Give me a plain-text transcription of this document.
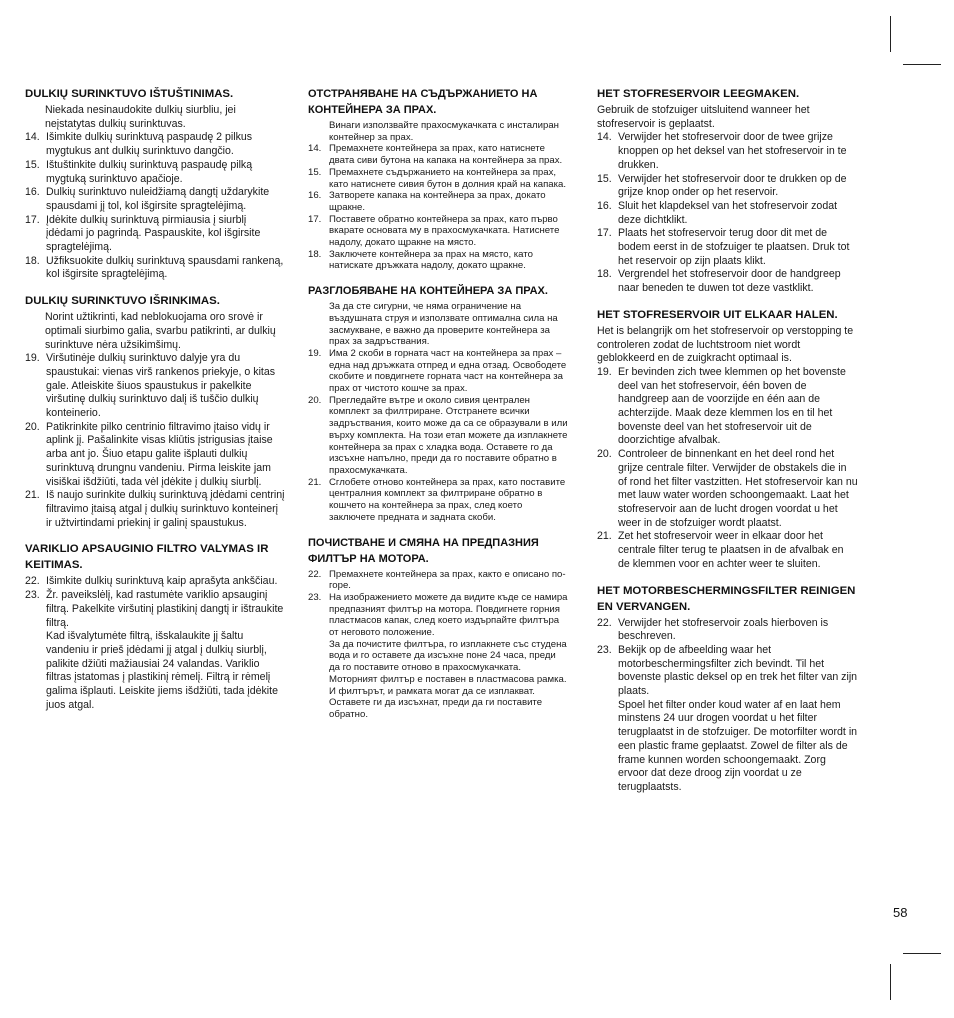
DULKIŲ SURINKTUVO IŠTUŠTINIMAS.

Niekada nesinaudokite dulkių siurbliu, jei neįstatytas dulkių surinktuvas.

14. Išimkite dulkių surinktuvą paspaudę 2 pilkus mygtukus ant dulkių surinktuvo dangčio.

15. Ištuštinkite dulkių surinktuvą paspaudę pilką mygtuką surinktuvo apačioje.

16. Dulkių surinktuvo nuleidžiamą dangtį uždarykite spausdami jį tol, kol išgirsite spragtelėjimą.

17. Įdėkite dulkių surinktuvą pirmiausia į siurblį įdėdami jo pagrindą. Paspauskite, kol išgirsite spragtelėjimą.

18. Užfiksuokite dulkių surinktuvą spausdami rankeną, kol išgirsite spragtelėjimą.

DULKIŲ SURINKTUVO IŠRINKIMAS.

Norint užtikrinti, kad neblokuojama oro srovė ir optimali siurbimo galia, svarbu patikrinti, ar dulkių surinktuve nėra užsikimšimų.

19. Viršutinėje dulkių surinktuvo dalyje yra du spaustukai: vienas virš rankenos priekyje, o kitas gale. Atleiskite šiuos spaustukus ir pakelkite viršutinę dulkių surinktuvo dalį iš tuščio dulkių konteinerio.

20. Patikrinkite pilko centrinio filtravimo įtaiso vidų ir aplink jį. Pašalinkite visas kliūtis įstrigusias įtaise arba ant jo. Šiuo etapu galite išplauti dulkių surinktuvą drungnu vandeniu. Pirma leiskite jam visiškai išdžiūti, tada vėl įdėkite į dulkių siurblį.

21. Iš naujo surinkite dulkių surinktuvą įdėdami centrinį filtravimo įtaisą atgal į dulkių surinktuvo konteinerį ir užtvirtindami priekinį ir galinį spaustukus.

VARIKLIO APSAUGINIO FILTRO VALYMAS IR KEITIMAS.
22. Išimkite dulkių surinktuvą kaip aprašyta ankščiau.

23. Žr. paveikslėlį, kad rastumėte variklio apsauginį filtrą. Pakelkite viršutinį plastikinį dangtį ir ištraukite filtrą.

Kad išvalytumėte filtrą, išskalaukite jį šaltu vandeniu ir prieš įdėdami jį atgal į dulkių siurblį, palikite džiūti mažiausiai 24 valandas. Variklio filtras įstatomas į plastikinį rėmelį. Filtrą ir rėmelį galima išplauti. Leiskite jiems išdžiūti, tada įdėkite juos atgal.

ОТСТРАНЯВАНЕ НА СЪДЪРЖАНИЕТО НА КОНТЕЙНЕРА ЗА ПРАХ.

Винаги използвайте прахосмукачката с инсталиран контейнер за прах.

14. Премахнете контейнера за прах, като натиснете двата сиви бутона на капака на контейнера за прах.

15. Премахнете съдържанието на контейнера за прах, като натиснете сивия бутон в долния край на капака.

16. Затворете капака на контейнера за прах, докато щракне.

17. Поставете обратно контейнера за прах, като първо вкарате основата му в прахосмукачката. Натиснете надолу, докато щракне на място.

18. Заключете контейнера за прах на място, като натискате дръжката надолу, докато щракне.

РАЗГЛОБЯВАНЕ НА КОНТЕЙНЕРА ЗА ПРАХ.

За да сте сигурни, че няма ограничение на въздушната струя и използвате оптимална сила на засмукване, е важно да проверите контейнера за прах за задръствания.

19. Има 2 скоби в горната част на контейнера за прах – една над дръжката отпред и една отзад. Освободете скобите и повдигнете горната част на контейнера за прах от чистото кошче за прах.

20. Прегледайте вътре и около сивия централен комплект за филтриране. Отстранете всички задръствания, които може да са се образували в или върху комплекта. На този етап можете да изплакнете контейнера за прах с хладка вода. Оставете го да изсъхне напълно, преди да го поставите обратно в прахосмукачката.

21. Сглобете отново контейнера за прах, като поставите централния комплект за филтриране обратно в кошчето на контейнера за прах, след което заключете предната и задната скоби.

ПОЧИСТВАНЕ И СМЯНА НА ПРЕДПАЗНИЯ ФИЛТЪР НА МОТОРА.
22. Премахнете контейнера за прах, както е описано по-горе.

23. На изображението можете да видите къде се намира предпазният филтър на мотора. Повдигнете горния пластмасов капак, след което издърпайте филтъра от неговото положение.

За да почистите филтъра, го изплакнете със студена вода и го оставете да изсъхне поне 24 часа, преди да го поставите отново в прахосмукачката.

Моторният филтър е поставен в пластмасова рамка. И филтърът, и рамката могат да се изплакват. Оставете ги да изсъхнат, преди да ги поставите обратно.

HET STOFRESERVOIR LEEGMAKEN.

Gebruik de stofzuiger uitsluitend wanneer het stofreservoir is geplaatst.

14. Verwijder het stofreservoir door de twee grijze knoppen op het deksel van het stofreservoir in te drukken.

15. Verwijder het stofreservoir door te drukken op de grijze knop onder op het reservoir.

16. Sluit het klapdeksel van het stofreservoir zodat deze dichtklikt.

17. Plaats het stofreservoir terug door dit met de bodem eerst in de stofzuiger te plaatsen. Druk tot het reservoir op zijn plaats klikt.

18. Vergrendel het stofreservoir door de handgreep naar beneden te duwen tot deze vastklikt.

HET STOFRESERVOIR UIT ELKAAR HALEN.

Het is belangrijk om het stofreservoir op verstopping te controleren zodat de luchtstroom niet wordt geblokkeerd en de zuigkracht optimaal is.

19. Er bevinden zich twee klemmen op het bovenste deel van het stofreservoir, één boven de handgreep aan de voorzijde en één aan de achterzijde. Maak deze klemmen los en til het bovenste deel van het stofreservoir uit de doorzichtige afvalbak.

20. Controleer de binnenkant en het deel rond het grijze centrale filter. Verwijder de obstakels die in of rond het filter vastzitten. Het stofreservoir kan nu met lauw water worden schoongemaakt. Laat het stofreservoir aan de lucht drogen voordat u het weer in de stofzuiger wordt plaatst.

21. Zet het stofreservoir weer in elkaar door het centrale filter terug te plaatsen in de afvalbak en de klemmen voor en achter weer te sluiten.

HET MOTORBESCHERMINGSFILTER REINIGEN EN VERVANGEN.
22. Verwijder het stofreservoir zoals hierboven is beschreven.

23. Bekijk op de afbeelding waar het motorbeschermingsfilter zich bevindt. Til het bovenste plastic deksel op en trek het filter van zijn plaats.

Spoel het filter onder koud water af en laat hem minstens 24 uur drogen voordat u het filter terugplaatst in de stofzuiger. De motorfilter wordt in een plastic frame geplaatst. Zowel de filter als de frame kunnen worden schoongemaakt. Zorg ervoor dat deze droog zijn voordat u ze terugplaatsts.

58
